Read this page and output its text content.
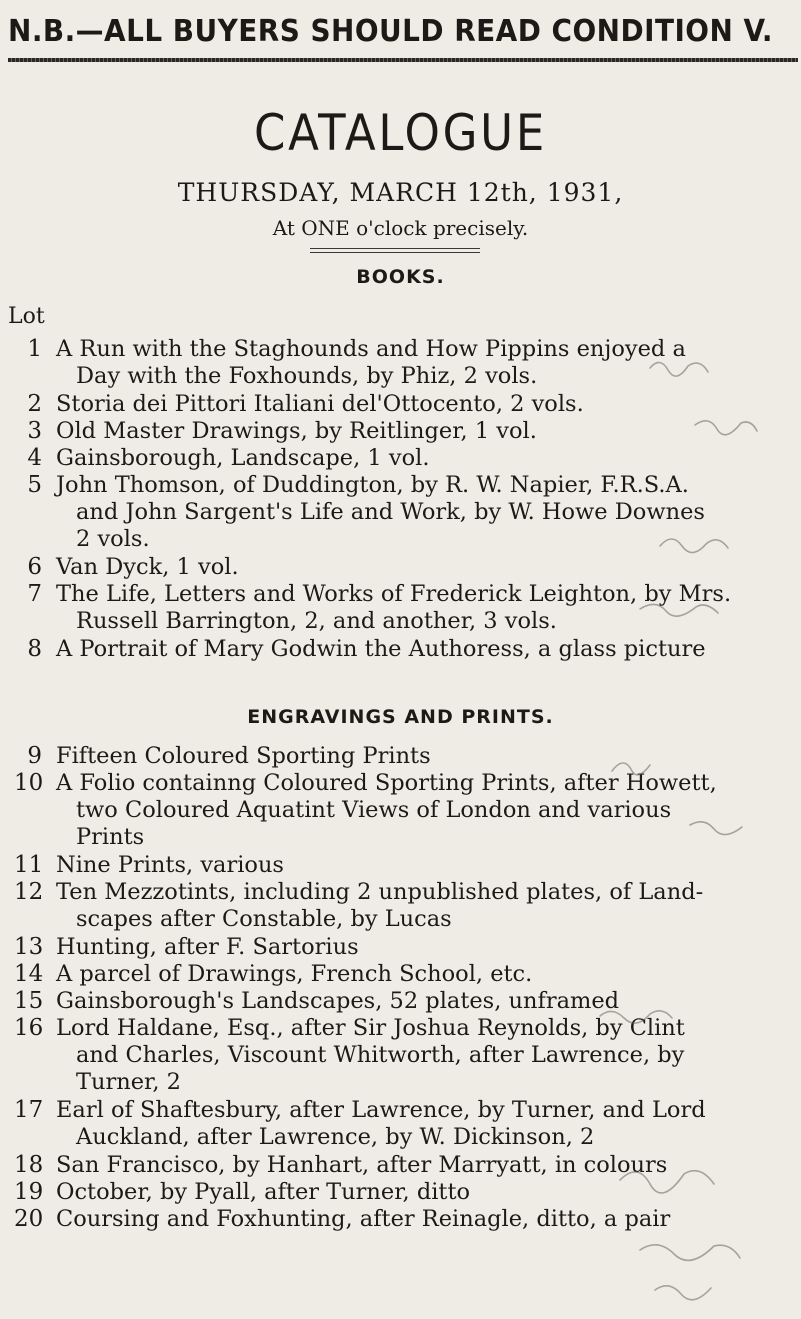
N.B.—ALL BUYERS SHOULD READ CONDITION V.
CATALOGUE
THURSDAY, MARCH 12th, 1931,
At ONE o'clock precisely.
BOOKS.
Lot
1 A Run with the Staghounds and How Pippins enjoyed a
Day with the Foxhounds, by Phiz, 2 vols.
2 Storia dei Pittori Italiani del'Ottocento, 2 vols.
3 Old Master Drawings, by Reitlinger, 1 vol.
4 Gainsborough, Landscape, 1 vol.
5 John Thomson, of Duddington, by R. W. Napier, F.R.S.A.
and John Sargent's Life and Work, by W. Howe Downes
2 vols.
6 Van Dyck, 1 vol.
7 The Life, Letters and Works of Frederick Leighton, by Mrs.
Russell Barrington, 2, and another, 3 vols.
8 A Portrait of Mary Godwin the Authoress, a glass picture
ENGRAVINGS AND PRINTS.
9 Fifteen Coloured Sporting Prints
10 A Folio containng Coloured Sporting Prints, after Howett,
two Coloured Aquatint Views of London and various
Prints
11 Nine Prints, various
12 Ten Mezzotints, including 2 unpublished plates, of Land-
scapes after Constable, by Lucas
13 Hunting, after F. Sartorius
14 A parcel of Drawings, French School, etc.
15 Gainsborough's Landscapes, 52 plates, unframed
16 Lord Haldane, Esq., after Sir Joshua Reynolds, by Clint
and Charles, Viscount Whitworth, after Lawrence, by
Turner, 2
17 Earl of Shaftesbury, after Lawrence, by Turner, and Lord
Auckland, after Lawrence, by W. Dickinson, 2
18 San Francisco, by Hanhart, after Marryatt, in colours
19 October, by Pyall, after Turner, ditto
20 Coursing and Foxhunting, after Reinagle, ditto, a pair
